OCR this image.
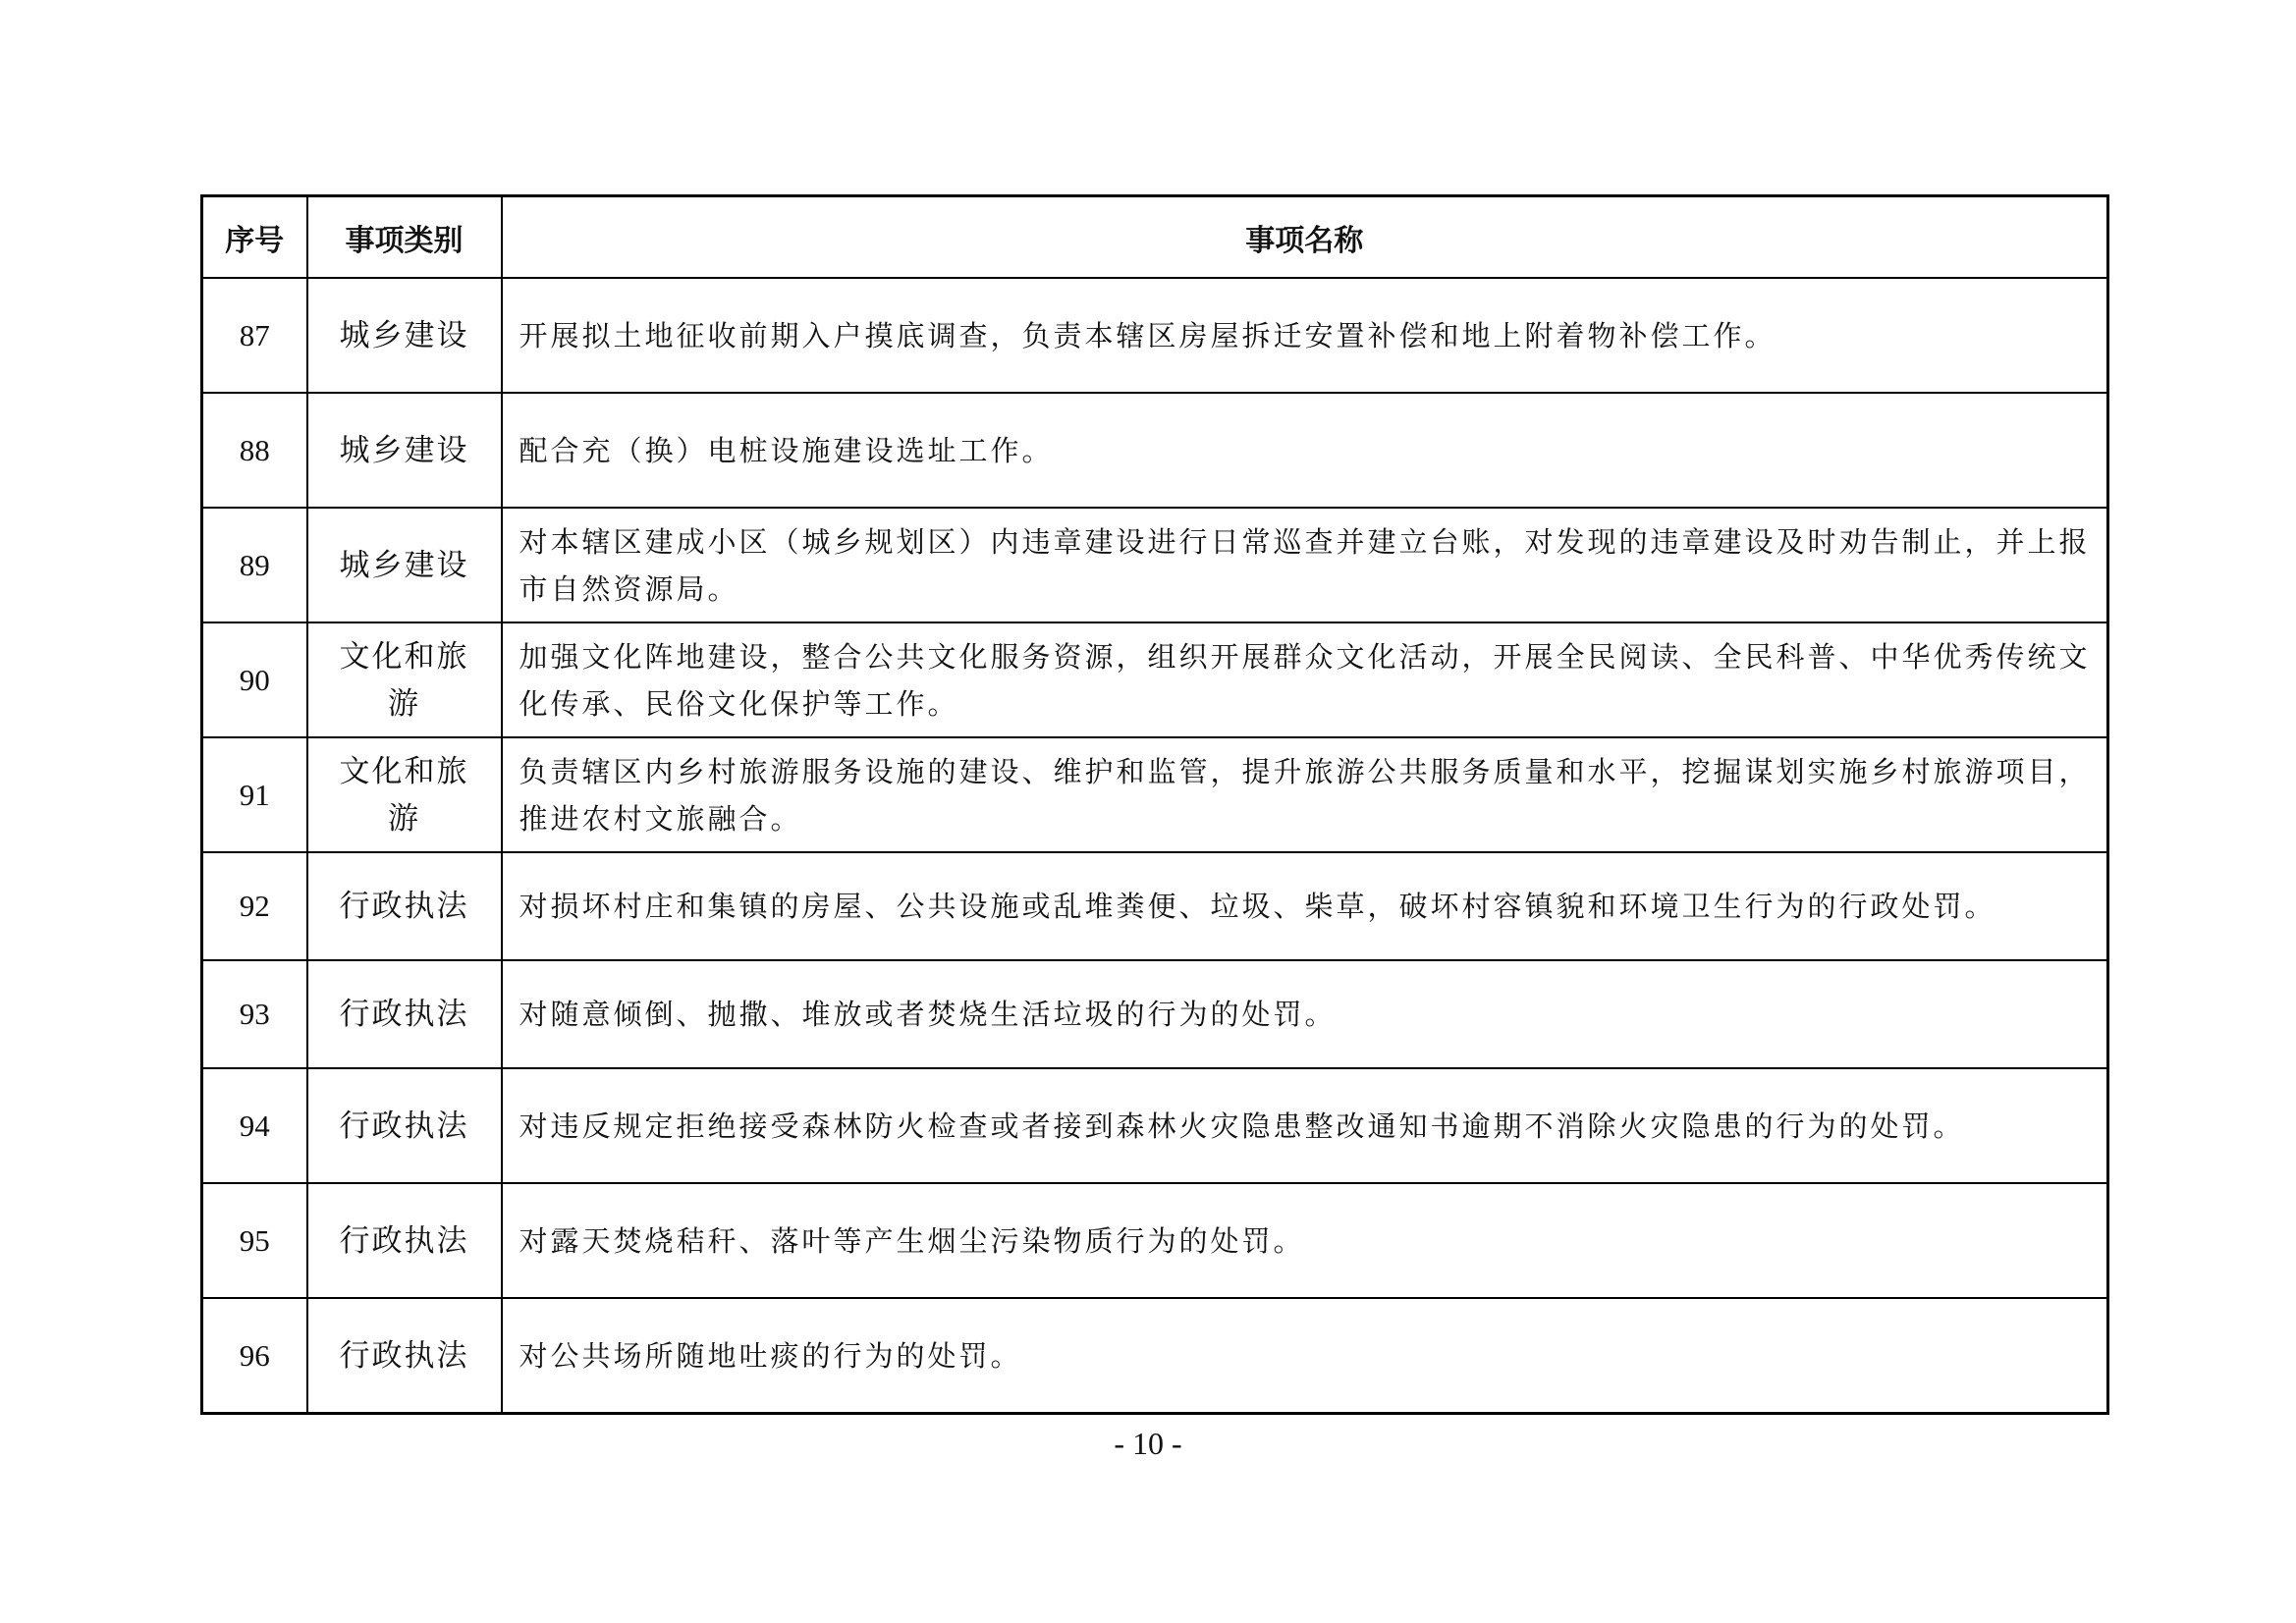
序号	事项类别	事项名称
87	城乡建设	开展拟土地征收前期入户摸底调查，负责本辖区房屋拆迁安置补偿和地上附着物补偿工作。
88	城乡建设	配合充（换）电桩设施建设选址工作。
89	城乡建设	对本辖区建成小区（城乡规划区）内违章建设进行日常巡查并建立台账，对发现的违章建设及时劝告制止，并上报市自然资源局。
90	文化和旅游	加强文化阵地建设，整合公共文化服务资源，组织开展群众文化活动，开展全民阅读、全民科普、中华优秀传统文化传承、民俗文化保护等工作。
91	文化和旅游	负责辖区内乡村旅游服务设施的建设、维护和监管，提升旅游公共服务质量和水平，挖掘谋划实施乡村旅游项目，推进农村文旅融合。
92	行政执法	对损坏村庄和集镇的房屋、公共设施或乱堆粪便、垃圾、柴草，破坏村容镇貌和环境卫生行为的行政处罚。
93	行政执法	对随意倾倒、抛撒、堆放或者焚烧生活垃圾的行为的处罚。
94	行政执法	对违反规定拒绝接受森林防火检查或者接到森林火灾隐患整改通知书逾期不消除火灾隐患的行为的处罚。
95	行政执法	对露天焚烧秸秆、落叶等产生烟尘污染物质行为的处罚。
96	行政执法	对公共场所随地吐痰的行为的处罚。
- 10 -
